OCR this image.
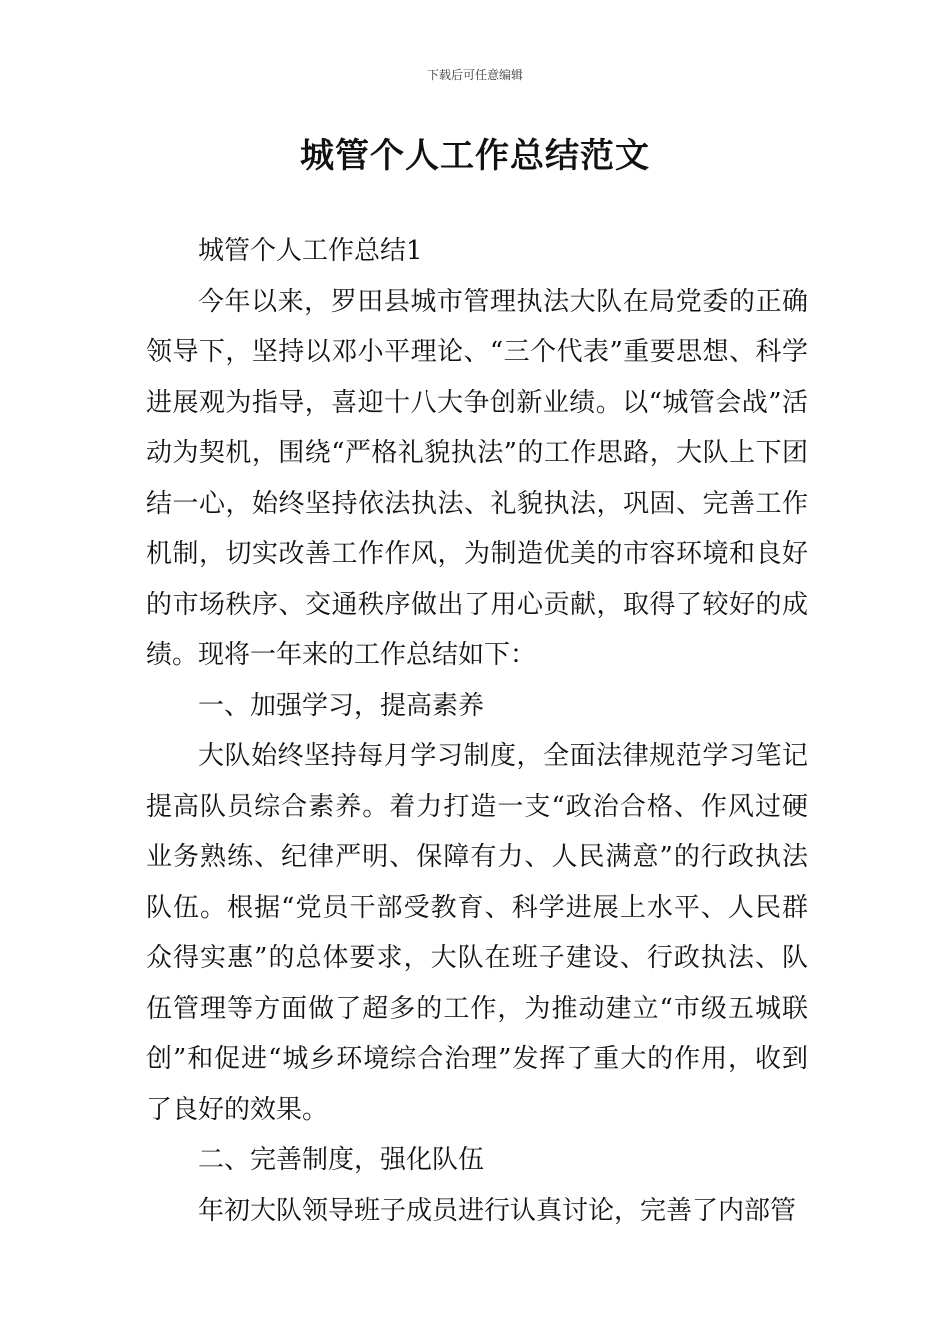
下载后可任意编辑
城管个人工作总结范文

城管个人工作总结1

今年以来，罗田县城市管理执法大队在局党委的正确领导下，坚持以邓小平理论、“三个代表”重要思想、科学进展观为指导，喜迎十八大争创新业绩。以“城管会战”活动为契机，围绕“严格礼貌执法”的工作思路，大队上下团结一心，始终坚持依法执法、礼貌执法，巩固、完善工作机制，切实改善工作作风，为制造优美的市容环境和良好的市场秩序、交通秩序做出了用心贡献，取得了较好的成绩。现将一年来的工作总结如下：

一、加强学习，提高素养

大队始终坚持每月学习制度，全面法律规范学习笔记提高队员综合素养。着力打造一支“政治合格、作风过硬业务熟练、纪律严明、保障有力、人民满意”的行政执法队伍。根据“党员干部受教育、科学进展上水平、人民群众得实惠”的总体要求，大队在班子建设、行政执法、队伍管理等方面做了超多的工作，为推动建立“市级五城联创”和促进“城乡环境综合治理”发挥了重大的作用，收到了良好的效果。

二、完善制度，强化队伍

年初大队领导班子成员进行认真讨论，完善了内部管
